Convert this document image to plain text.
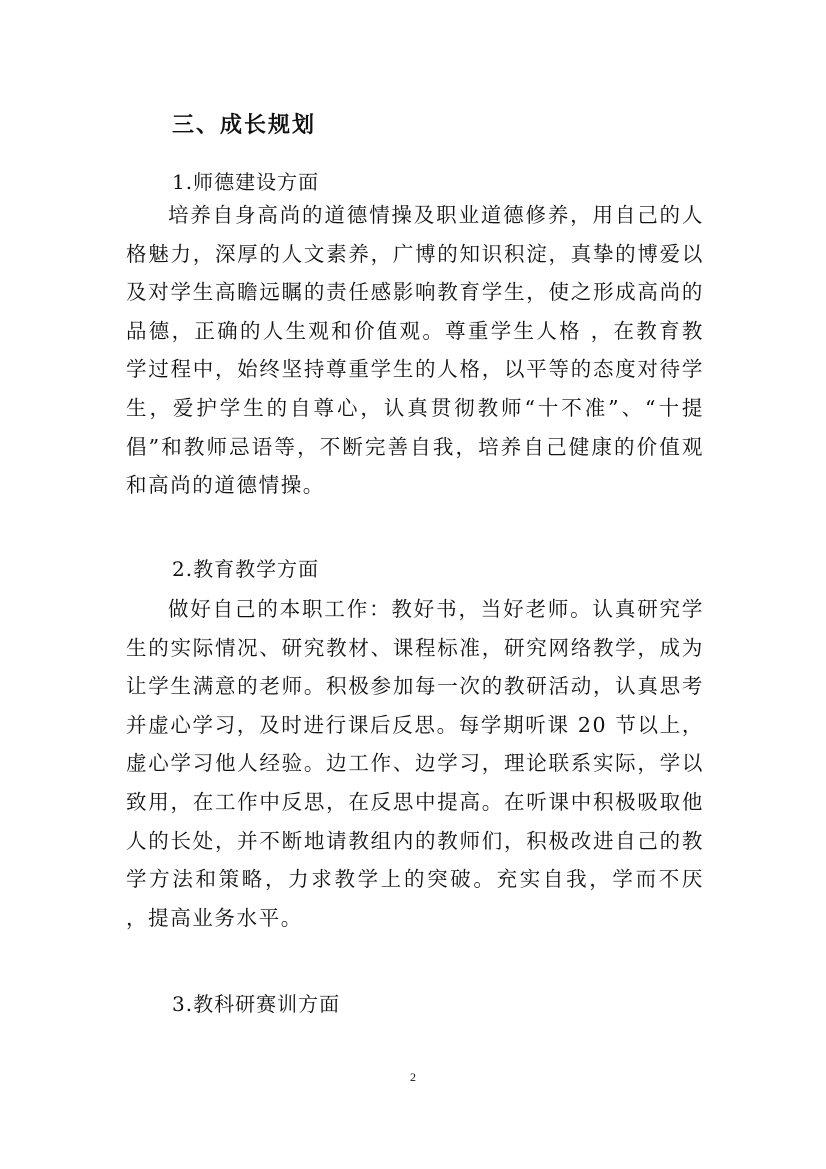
三、成长规划
1.师德建设方面

培养自身高尚的道德情操及职业道德修养，用自己的人格魅力，深厚的人文素养，广博的知识积淀，真挚的博爱以及对学生高瞻远瞩的责任感影响教育学生，使之形成高尚的品德，正确的人生观和价值观。尊重学生人格 ，在教育教学过程中，始终坚持尊重学生的人格，以平等的态度对待学生，爱护学生的自尊心，认真贯彻教师“十不准”、“十提倡”和教师忌语等，不断完善自我，培养自己健康的价值观和高尚的道德情操。

2.教育教学方面

做好自己的本职工作：教好书，当好老师。认真研究学生的实际情况、研究教材、课程标准，研究网络教学，成为让学生满意的老师。积极参加每一次的教研活动，认真思考并虚心学习，及时进行课后反思。每学期听课 20 节以上，虚心学习他人经验。边工作、边学习，理论联系实际，学以致用，在工作中反思，在反思中提高。在听课中积极吸取他人的长处，并不断地请教组内的教师们，积极改进自己的教学方法和策略，力求教学上的突破。充实自我，学而不厌 ，提高业务水平。

3.教科研赛训方面
2
